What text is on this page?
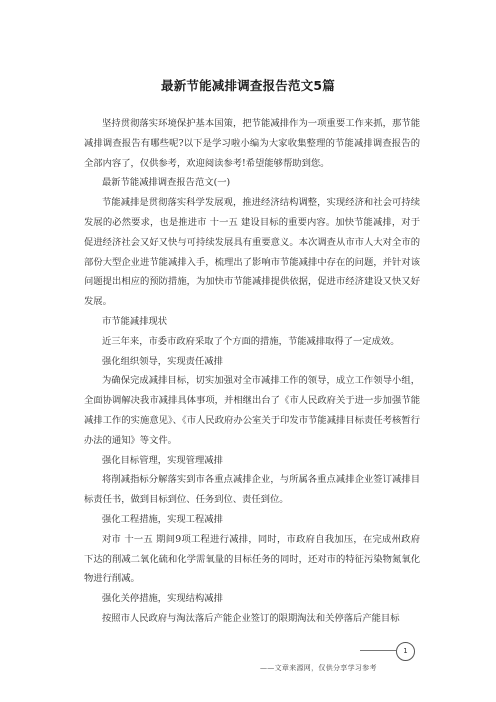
最新节能减排调查报告范文5篇

坚持贯彻落实环境保护基本国策，把节能减排作为一项重要工作来抓，那节能减排调查报告有哪些呢?以下是学习啦小编为大家收集整理的节能减排调查报告的全部内容了，仅供参考，欢迎阅读参考!希望能够帮助到您。

最新节能减排调查报告范文(一)

节能减排是贯彻落实科学发展观，推进经济结构调整，实现经济和社会可持续发展的必然要求，也是推进市 十一五 建设目标的重要内容。加快节能减排，对于促进经济社会又好又快与可持续发展具有重要意义。本次调查从市市人大对全市的部份大型企业进节能减排入手，梳理出了影响市节能减排中存在的问题，并针对该问题提出相应的预防措施，为加快市节能减排提供依据，促进市经济建设又快又好发展。

市节能减排现状

近三年来，市委市政府采取了个方面的措施，节能减排取得了一定成效。

强化组织领导，实现责任减排

为确保完成减排目标，切实加强对全市减排工作的领导，成立工作领导小组，全面协调解决我市减排具体事项，并相继出台了《市人民政府关于进一步加强节能减排工作的实施意见》、《市人民政府办公室关于印发市节能减排目标责任考核暂行办法的通知》等文件。

强化目标管理，实现管理减排

将削减指标分解落实到市各重点减排企业，与所属各重点减排企业签订减排目标责任书，做到目标到位、任务到位、责任到位。

强化工程措施，实现工程减排

对市 十一五 期间9项工程进行减排，同时，市政府自我加压，在完成州政府下达的削减二氧化硫和化学需氧量的目标任务的同时，还对市的特征污染物氮氧化物进行削减。

强化关停措施，实现结构减排

按照市人民政府与淘汰落后产能企业签订的限期淘汰和关停落后产能目标

1
——文章来源网，仅供分享学习参考
